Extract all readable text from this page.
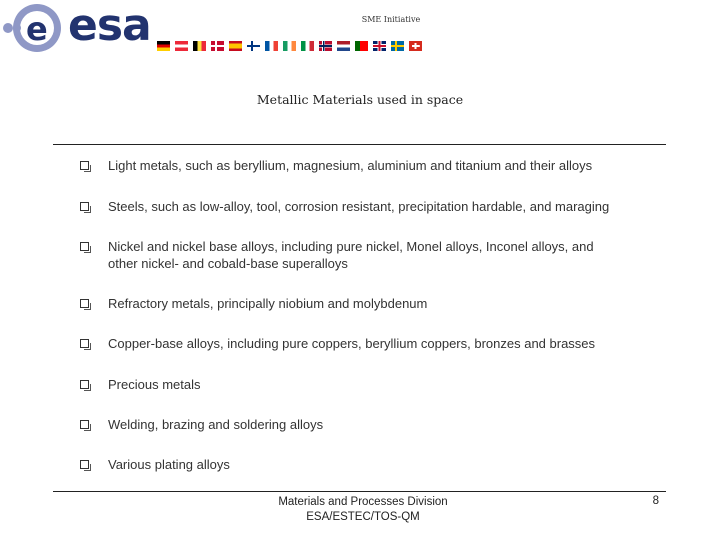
e esa	SME Initiative
Metallic Materials used in space
Light metals, such as beryllium, magnesium, aluminium and titanium and their alloys
Steels, such as low-alloy, tool, corrosion resistant, precipitation hardable, and maraging
Nickel and nickel base alloys, including pure nickel, Monel alloys, Inconel alloys, and
other nickel- and cobald-base superalloys
Refractory metals, principally niobium and molybdenum
Copper-base alloys, including pure coppers, beryllium coppers, bronzes and brasses
Precious metals
Welding, brazing and soldering alloys
Various plating alloys
Materials and Processes Division
ESA/ESTEC/TOS-QM
8
